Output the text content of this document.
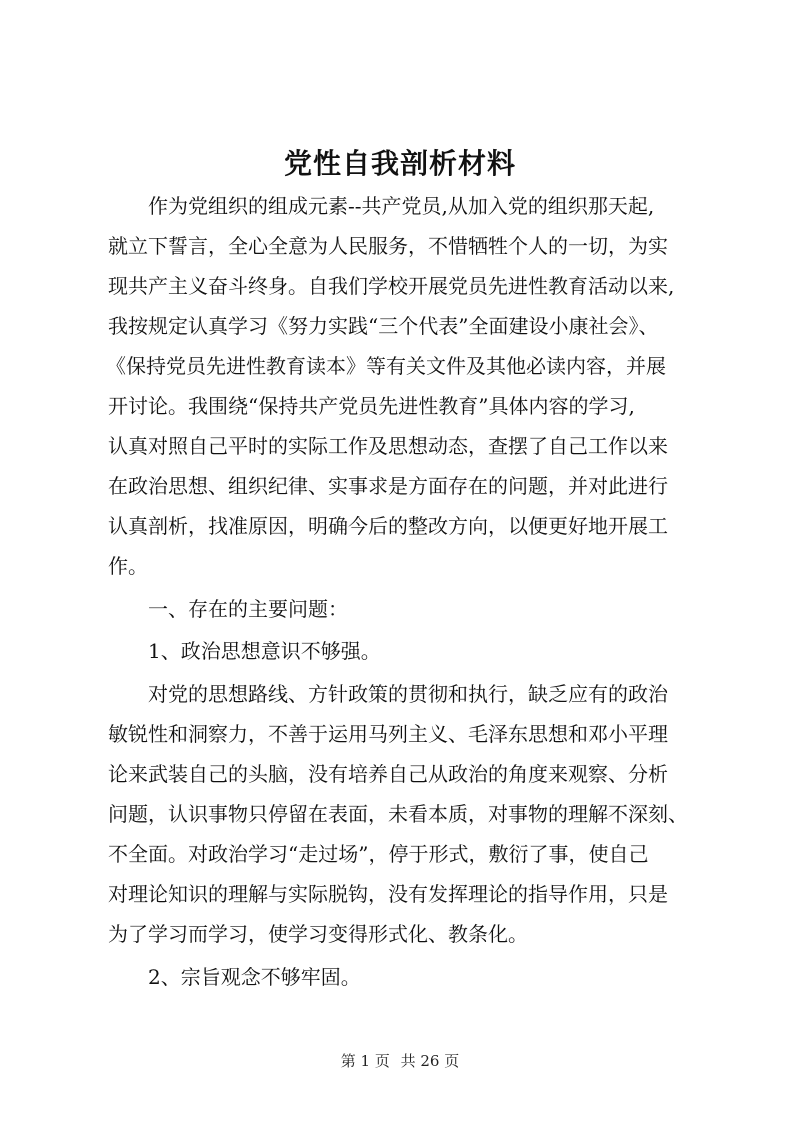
党性自我剖析材料
作为党组织的组成元素--共产党员,从加入党的组织那天起,
就立下誓言，全心全意为人民服务，不惜牺牲个人的一切，为实
现共产主义奋斗终身。自我们学校开展党员先进性教育活动以来,
我按规定认真学习《努力实践“三个代表”全面建设小康社会》、
《保持党员先进性教育读本》等有关文件及其他必读内容，并展
开讨论。我围绕“保持共产党员先进性教育”具体内容的学习,
认真对照自己平时的实际工作及思想动态，查摆了自己工作以来
在政治思想、组织纪律、实事求是方面存在的问题，并对此进行
认真剖析，找准原因，明确今后的整改方向，以便更好地开展工
作。
一、存在的主要问题：
1、政治思想意识不够强。
对党的思想路线、方针政策的贯彻和执行，缺乏应有的政治
敏锐性和洞察力，不善于运用马列主义、毛泽东思想和邓小平理
论来武装自己的头脑，没有培养自己从政治的角度来观察、分析
问题，认识事物只停留在表面，未看本质，对事物的理解不深刻、
不全面。对政治学习“走过场”，停于形式，敷衍了事，使自己
对理论知识的理解与实际脱钩，没有发挥理论的指导作用，只是
为了学习而学习，使学习变得形式化、教条化。
2、宗旨观念不够牢固。
第 1 页 共 26 页
